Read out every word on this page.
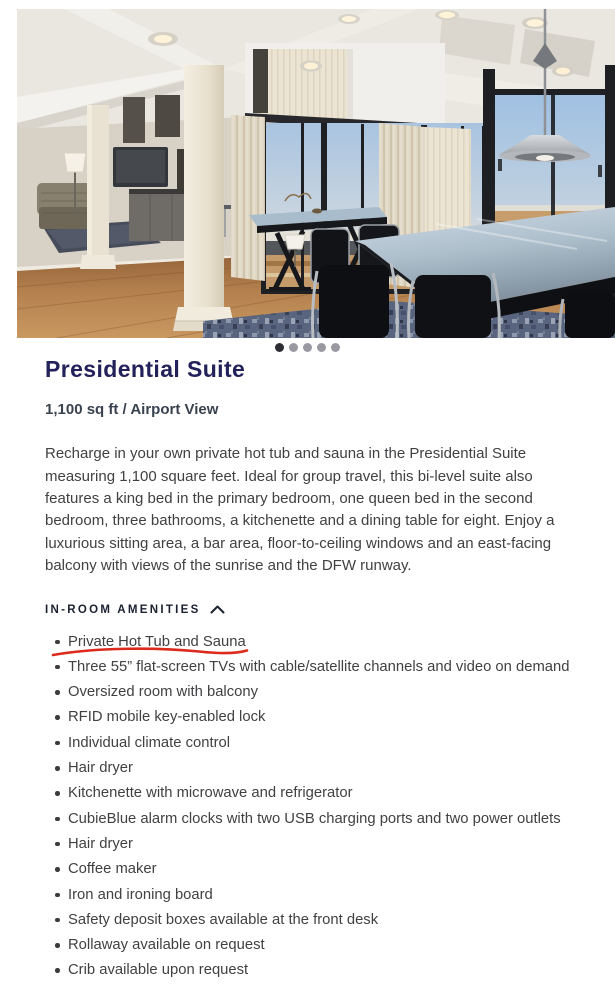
Presidential Suite
1,100 sq ft / Airport View

Recharge in your own private hot tub and sauna in the Presidential Suite measuring 1,100 square feet. Ideal for group travel, this bi-level suite also features a king bed in the primary bedroom, one queen bed in the second bedroom, three bathrooms, a kitchenette and a dining table for eight. Enjoy a luxurious sitting area, a bar area, floor-to-ceiling windows and an east-facing balcony with views of the sunrise and the DFW runway.

IN-ROOM AMENITIES
Private Hot Tub and Sauna
Three 55” flat-screen TVs with cable/satellite channels and video on demand
Oversized room with balcony
RFID mobile key-enabled lock
Individual climate control
Hair dryer
Kitchenette with microwave and refrigerator
CubieBlue alarm clocks with two USB charging ports and two power outlets
Hair dryer
Coffee maker
Iron and ironing board
Safety deposit boxes available at the front desk
Rollaway available on request
Crib available upon request
